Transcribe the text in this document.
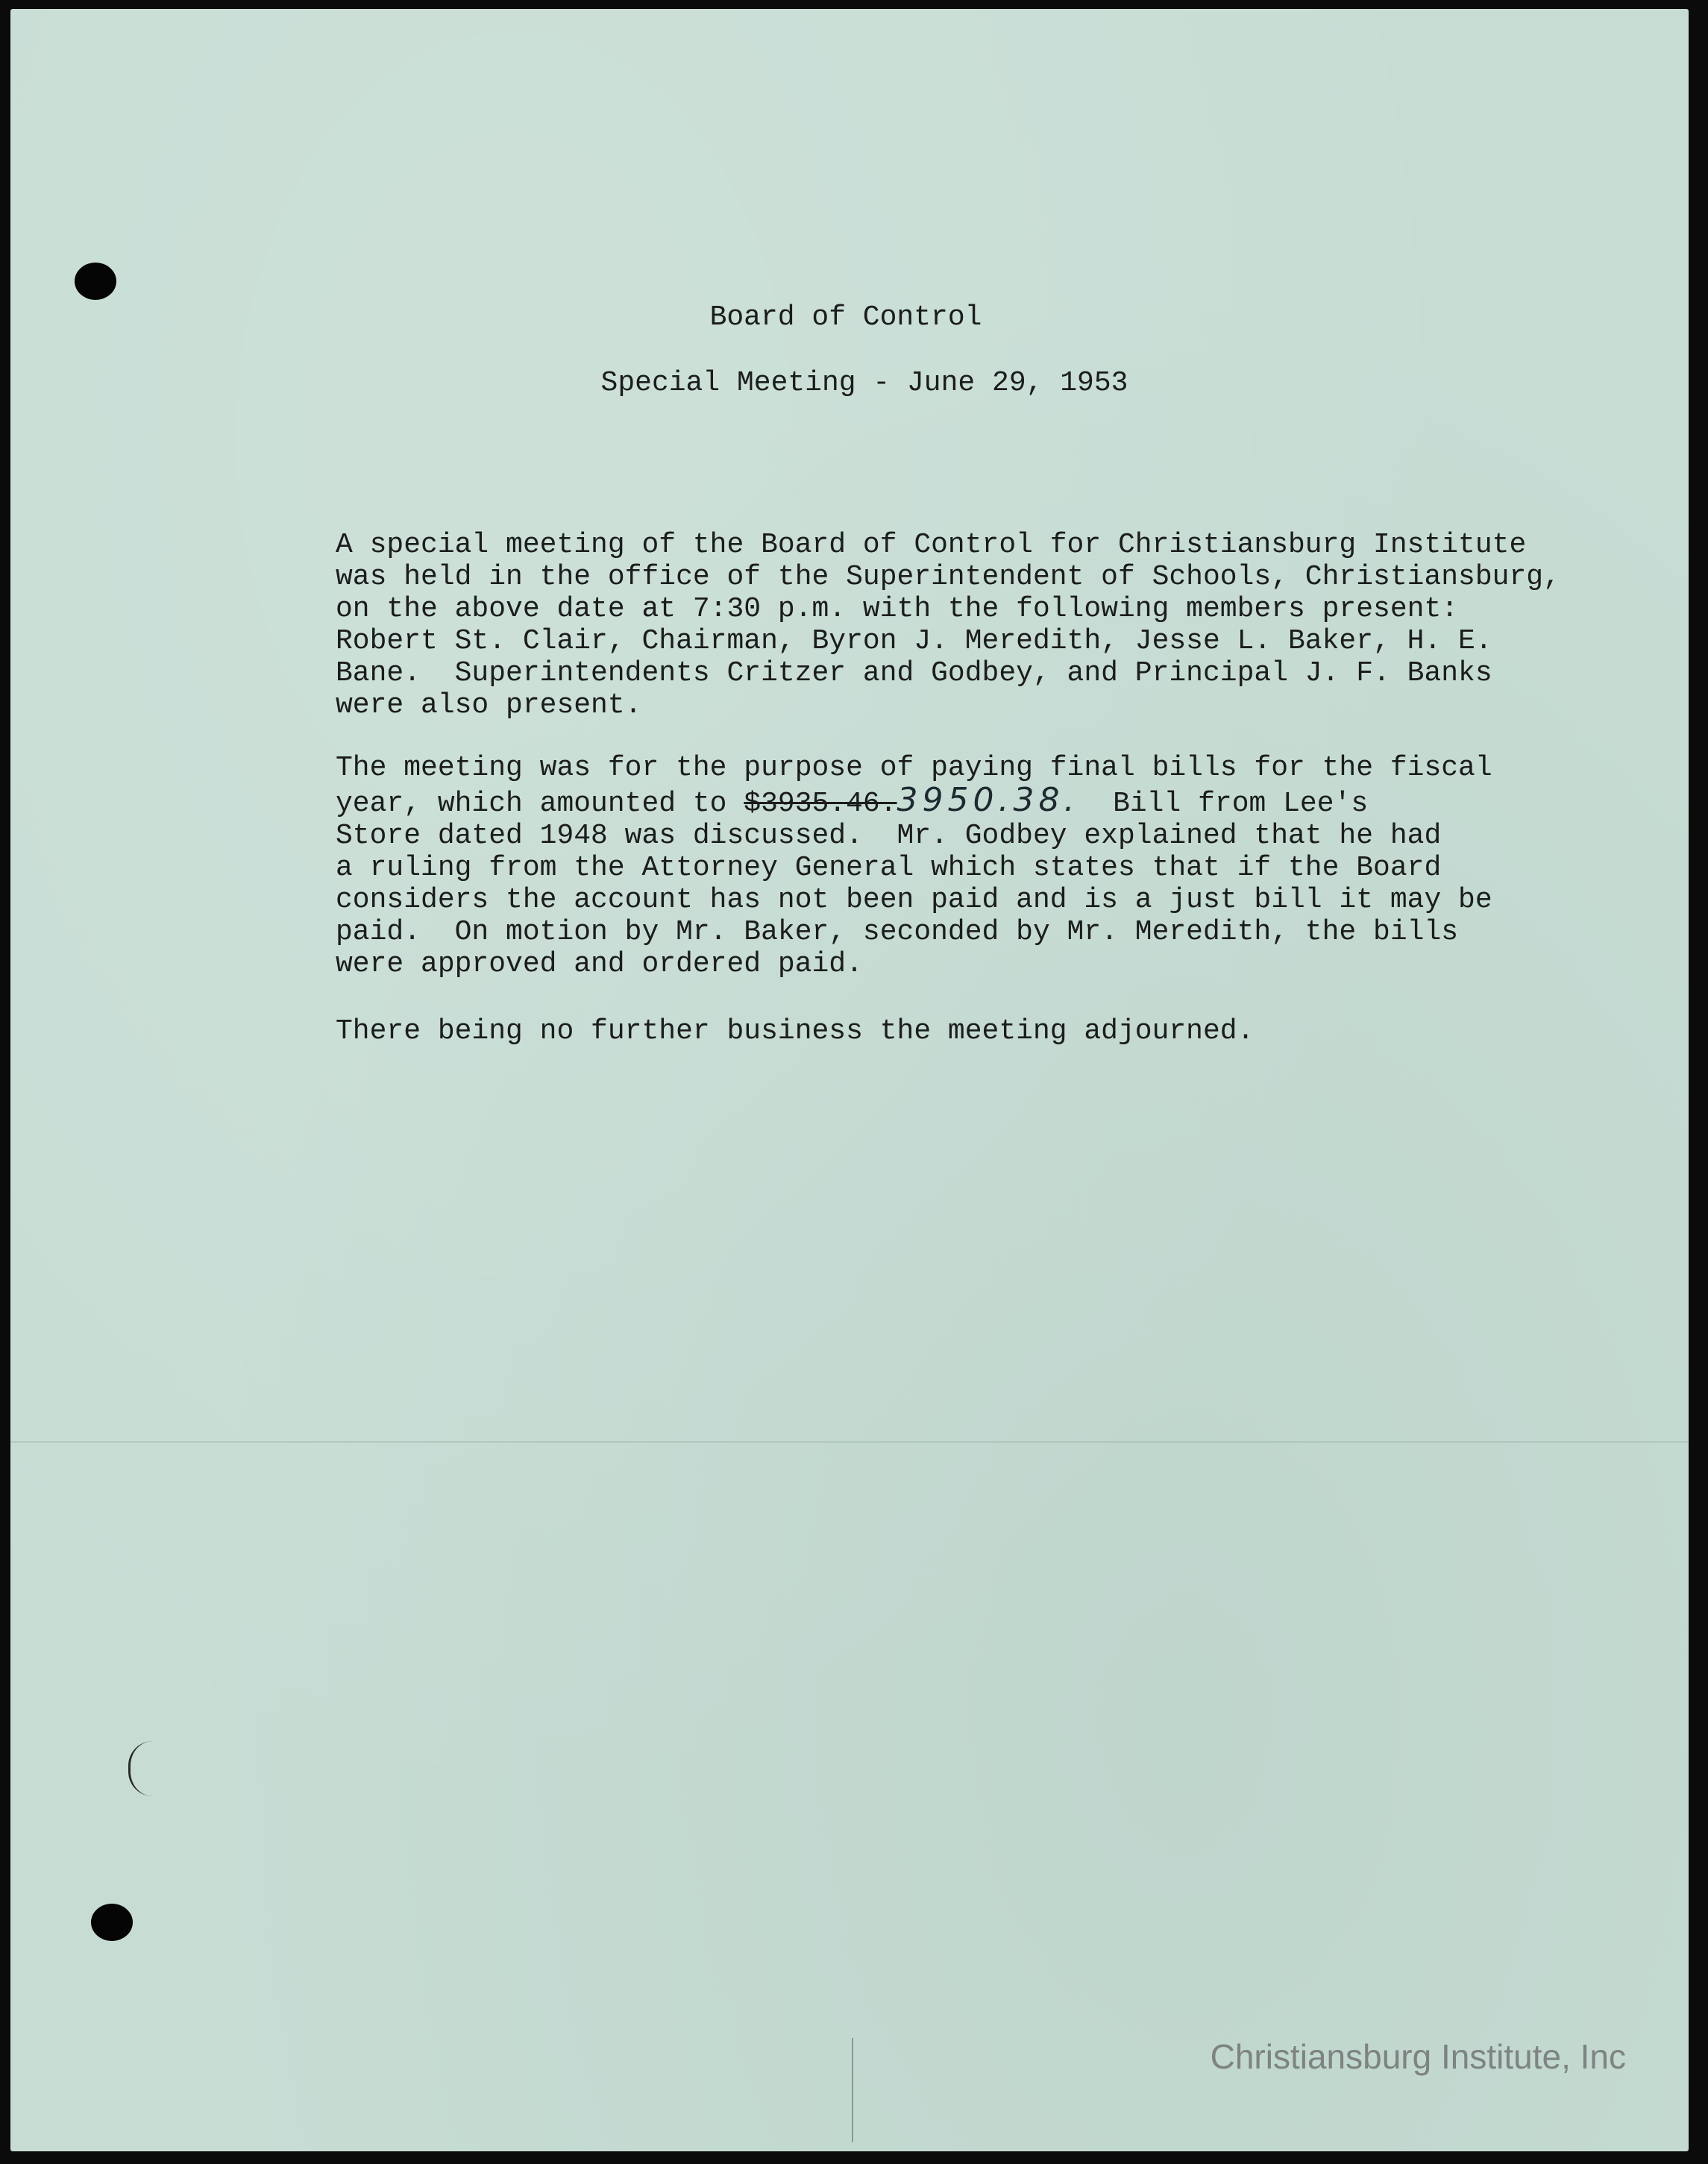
Board of Control
Special Meeting - June 29, 1953
A special meeting of the Board of Control for Christiansburg Institute
was held in the office of the Superintendent of Schools, Christiansburg,
on the above date at 7:30 p.m. with the following members present:
Robert St. Clair, Chairman, Byron J. Meredith, Jesse L. Baker, H. E.
Bane.  Superintendents Critzer and Godbey, and Principal J. F. Banks
were also present.
The meeting was for the purpose of paying final bills for the fiscal
year, which amounted to $3935.46.3950.38.  Bill from Lee's
Store dated 1948 was discussed.  Mr. Godbey explained that he had
a ruling from the Attorney General which states that if the Board
considers the account has not been paid and is a just bill it may be
paid.  On motion by Mr. Baker, seconded by Mr. Meredith, the bills
were approved and ordered paid.
There being no further business the meeting adjourned.
Christiansburg Institute, Inc
